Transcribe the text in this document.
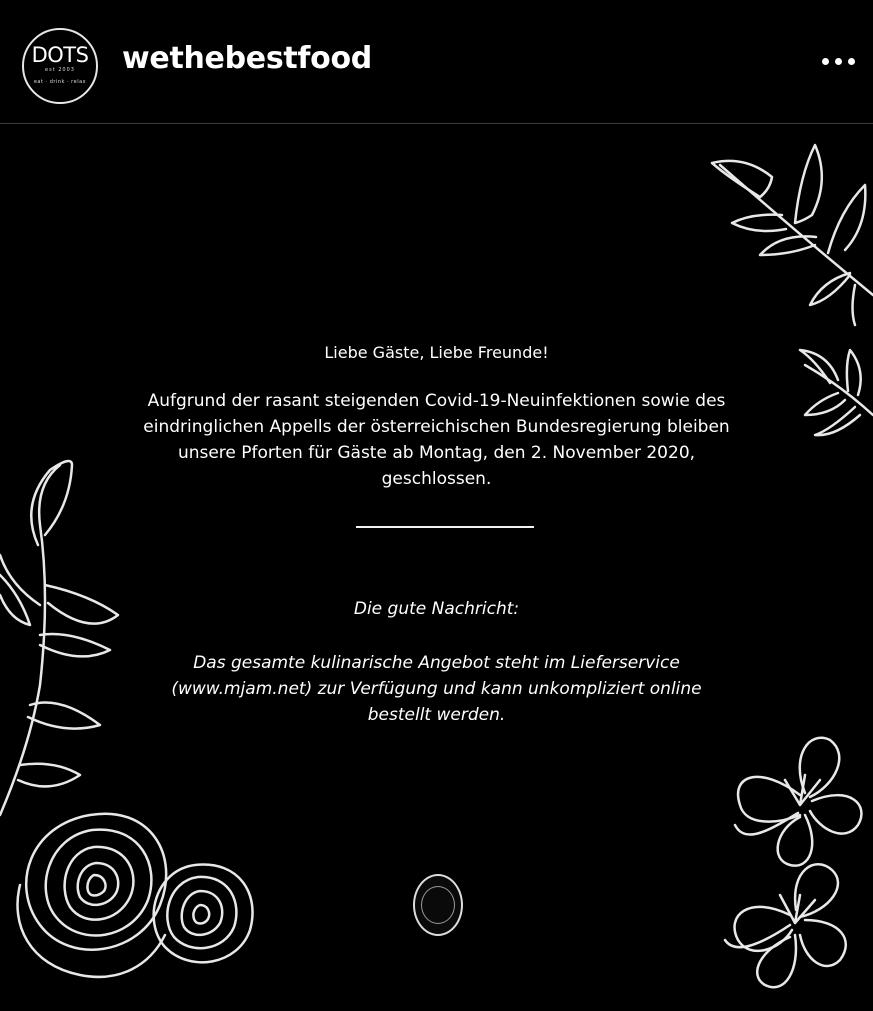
DOTS
est 2003
eat · drink · relax
wethebestfood
Liebe Gäste, Liebe Freunde!
Aufgrund der rasant steigenden Covid-19-Neuinfektionen sowie des
eindringlichen Appells der österreichischen Bundesregierung bleiben
unsere Pforten für Gäste ab Montag, den 2. November 2020,
geschlossen.
Die gute Nachricht:
Das gesamte kulinarische Angebot steht im Lieferservice
(www.mjam.net) zur Verfügung und kann unkompliziert online
bestellt werden.
